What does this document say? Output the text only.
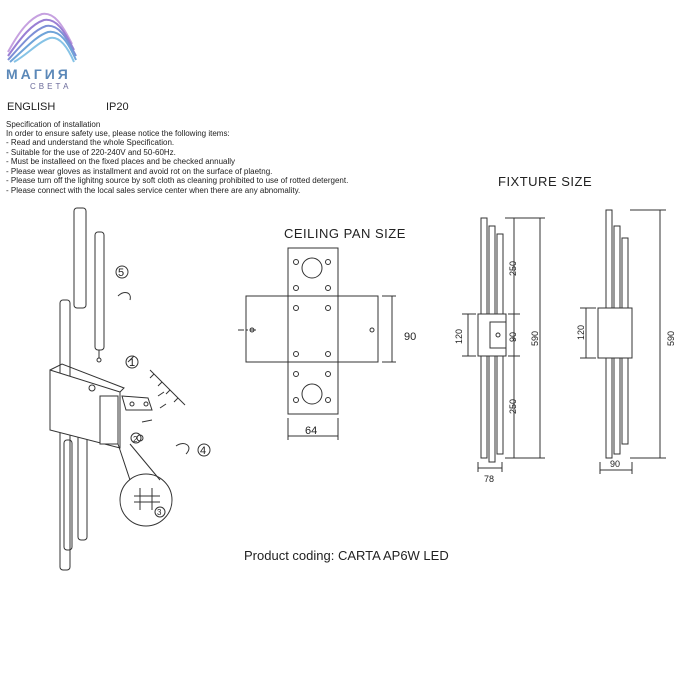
МАГИЯ
СВЕТА
ENGLISH	IP20
Specification of installation
In order to ensure safety use, please notice the following items:
- Read and understand the whole Specification.
- Suitable for the use of 220-240V and 50-60Hz.
- Must be installeed on the fixed places and be checked annually
- Please wear gloves as installment and avoid rot on the surface of plaetng.
- Please turn off the lighitng source by soft cloth as cleaning prohibited to use of rotted detergent.
- Please connect with the local sales service center when there are any abnomality.
FIXTURE SIZE
CEILING PAN SIZE
5
1
2
4
3
90
64
250
90
250
120	590
78
120	590
90
Product coding: CARTA AP6W LED
